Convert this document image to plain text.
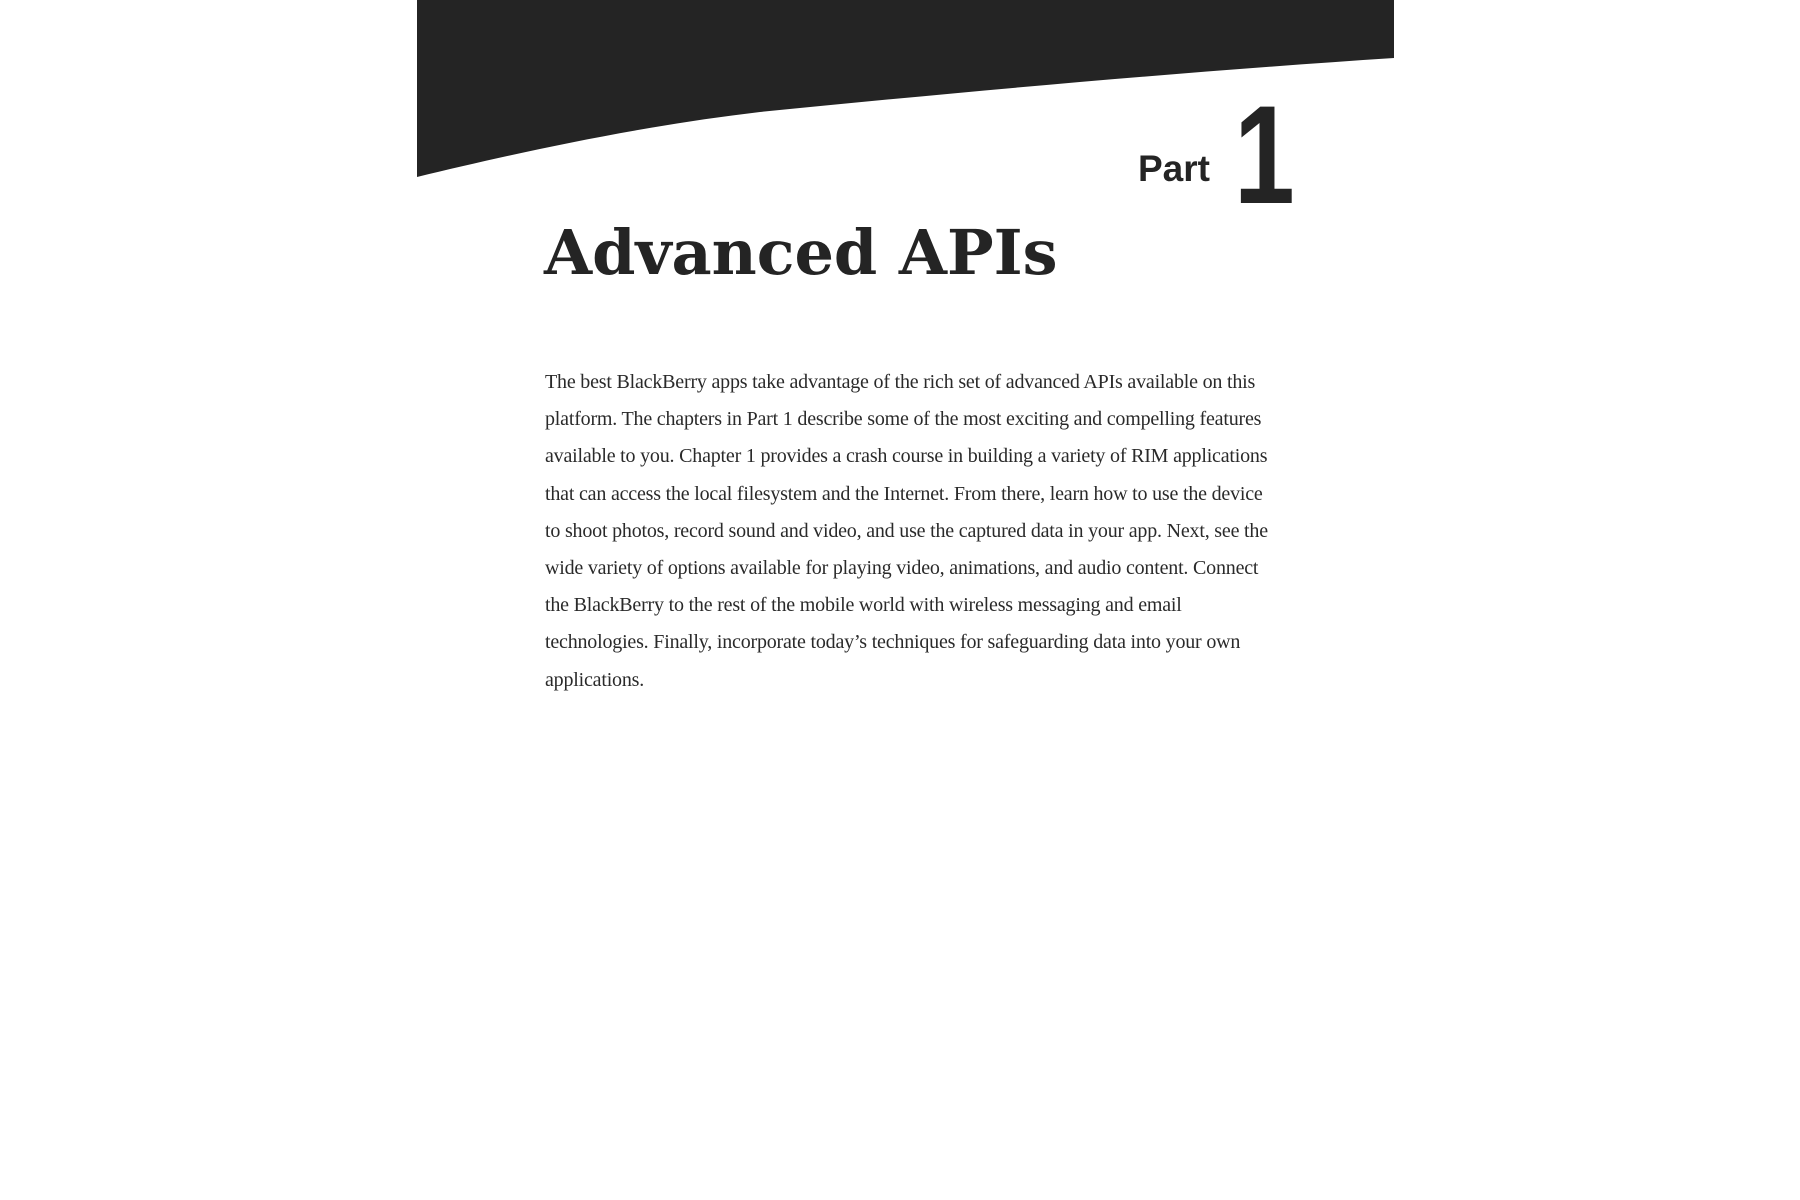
Part 1
Advanced APIs

The best BlackBerry apps take advantage of the rich set of advanced APIs available on this platform. The chapters in Part 1 describe some of the most exciting and compelling features available to you. Chapter 1 provides a crash course in building a variety of RIM applications that can access the local filesystem and the Internet. From there, learn how to use the device to shoot photos, record sound and video, and use the captured data in your app. Next, see the wide variety of options available for playing video, animations, and audio content. Connect the BlackBerry to the rest of the mobile world with wireless messaging and email technologies. Finally, incorporate today’s techniques for safeguarding data into your own applications.
